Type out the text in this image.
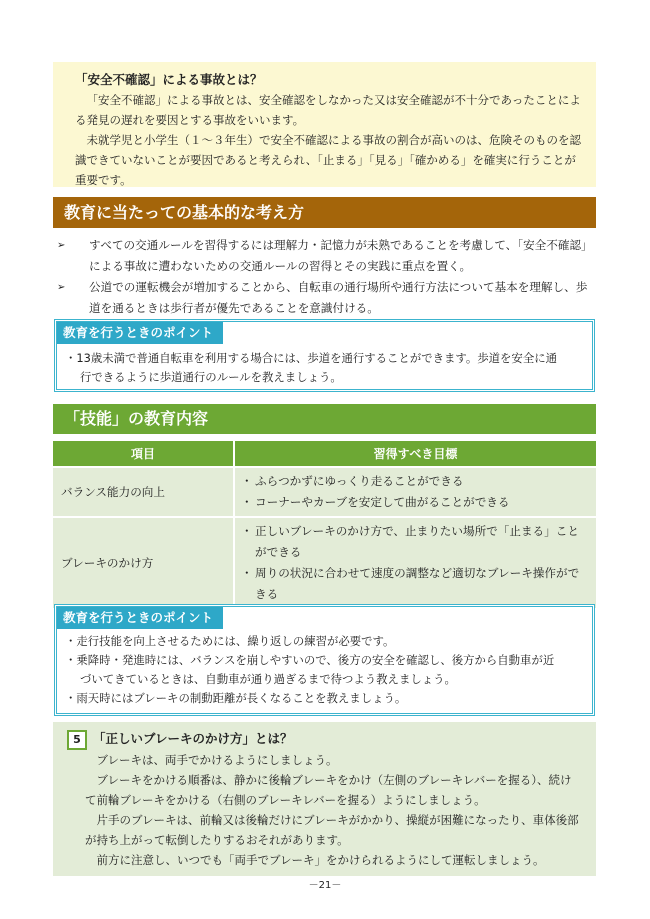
「安全不確認」による事故とは？
「安全不確認」による事故とは、安全確認をしなかった又は安全確認が不十分であったことによる発見の遅れを要因とする事故をいいます。
未就学児と小学生（１～３年生）で安全不確認による事故の割合が高いのは、危険そのものを認識できていないことが要因であると考えられ、「止まる」「見る」「確かめる」を確実に行うことが重要です。
教育に当たっての基本的な考え方
➢ すべての交通ルールを習得するには理解力・記憶力が未熟であることを考慮して、「安全不確認」による事故に遭わないための交通ルールの習得とその実践に重点を置く。
➢ 公道での運転機会が増加することから、自転車の通行場所や通行方法について基本を理解し、歩道を通るときは歩行者が優先であることを意識付ける。
教育を行うときのポイント
・13歳未満で普通自転車を利用する場合には、歩道を通行することができます。歩道を安全に通
行できるように歩道通行のルールを教えましょう。
「技能」の教育内容
項目	習得すべき目標
バランス能力の向上	・ ふらつかずにゆっくり走ることができる
・ コーナーやカーブを安定して曲がることができる

ブレーキのかけ方	・ 正しいブレーキのかけ方で、止まりたい場所で「止まる」ことができる
・ 周りの状況に合わせて速度の調整など適切なブレーキ操作ができる
教育を行うときのポイント
・走行技能を向上させるためには、繰り返しの練習が必要です。
・乗降時・発進時には、バランスを崩しやすいので、後方の安全を確認し、後方から自動車が近
づいてきているときは、自動車が通り過ぎるまで待つよう教えましょう。
・雨天時にはブレーキの制動距離が長くなることを教えましょう。
5 「正しいブレーキのかけ方」とは？
ブレーキは、両手でかけるようにしましょう。
ブレーキをかける順番は、静かに後輪ブレーキをかけ（左側のブレーキレバーを握る）、続けて前輪ブレーキをかける（右側のブレーキレバーを握る）ようにしましょう。
片手のブレーキは、前輪又は後輪だけにブレーキがかかり、操縦が困難になったり、車体後部が持ち上がって転倒したりするおそれがあります。
前方に注意し、いつでも「両手でブレーキ」をかけられるようにして運転しましょう。
－21－
